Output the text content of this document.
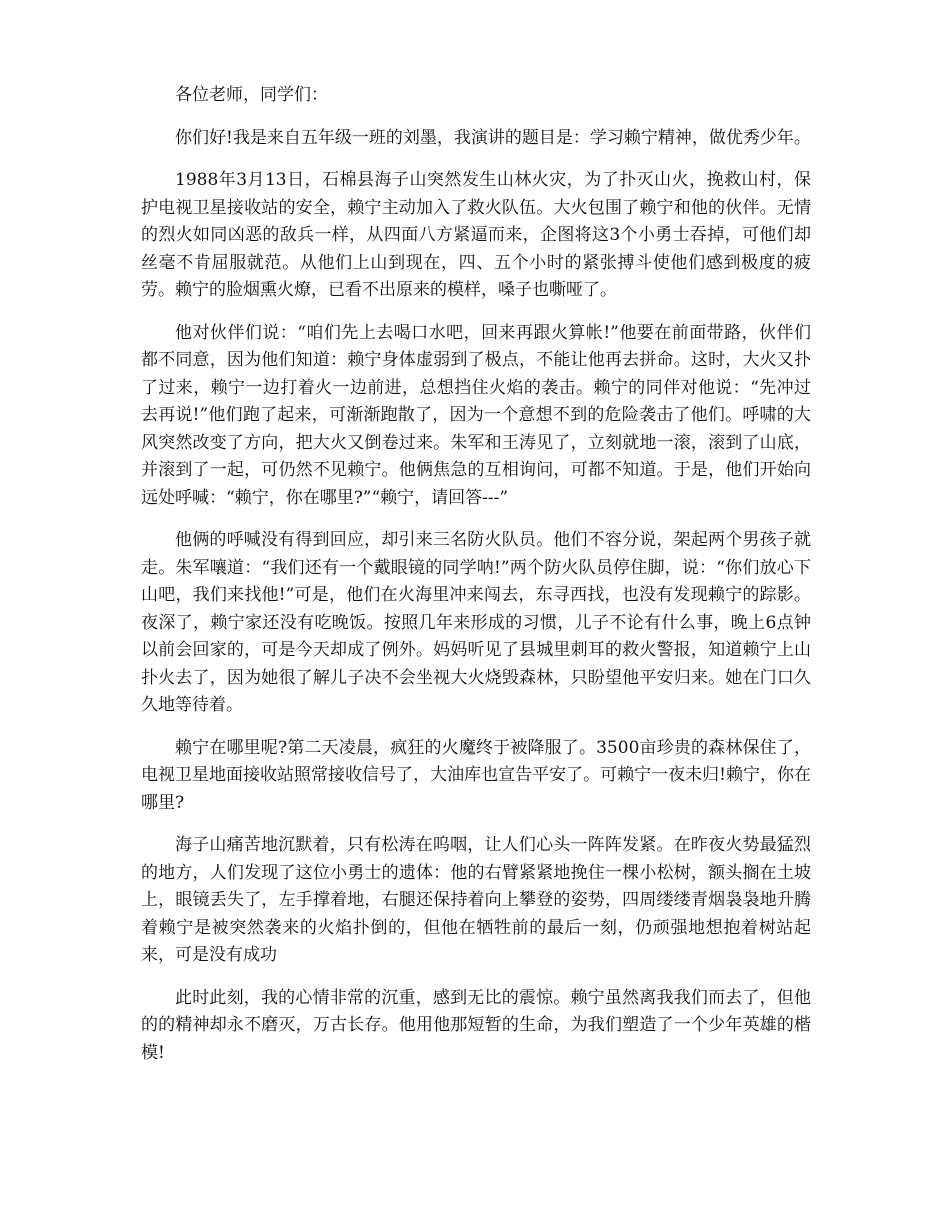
各位老师，同学们：

你们好!我是来自五年级一班的刘墨，我演讲的题目是：学习赖宁精神，做优秀少年。

1988年3月13日，石棉县海子山突然发生山林火灾，为了扑灭山火，挽救山村，保护电视卫星接收站的安全，赖宁主动加入了救火队伍。大火包围了赖宁和他的伙伴。无情的烈火如同凶恶的敌兵一样，从四面八方紧逼而来，企图将这3个小勇士吞掉，可他们却丝毫不肯屈服就范。从他们上山到现在，四、五个小时的紧张搏斗使他们感到极度的疲劳。赖宁的脸烟熏火燎，已看不出原来的模样，嗓子也嘶哑了。

他对伙伴们说：“咱们先上去喝口水吧，回来再跟火算帐!”他要在前面带路，伙伴们都不同意，因为他们知道：赖宁身体虚弱到了极点，不能让他再去拼命。这时，大火又扑了过来，赖宁一边打着火一边前进，总想挡住火焰的袭击。赖宁的同伴对他说：“先冲过去再说!”他们跑了起来，可渐渐跑散了，因为一个意想不到的危险袭击了他们。呼啸的大风突然改变了方向，把大火又倒卷过来。朱军和王涛见了，立刻就地一滚，滚到了山底，并滚到了一起，可仍然不见赖宁。他俩焦急的互相询问，可都不知道。于是，他们开始向远处呼喊：“赖宁，你在哪里?”“赖宁，请回答---”

他俩的呼喊没有得到回应，却引来三名防火队员。他们不容分说，架起两个男孩子就走。朱军嚷道：“我们还有一个戴眼镜的同学呐!”两个防火队员停住脚，说：“你们放心下山吧，我们来找他!”可是，他们在火海里冲来闯去，东寻西找，也没有发现赖宁的踪影。夜深了，赖宁家还没有吃晚饭。按照几年来形成的习惯，儿子不论有什么事，晚上6点钟以前会回家的，可是今天却成了例外。妈妈听见了县城里刺耳的救火警报，知道赖宁上山扑火去了，因为她很了解儿子决不会坐视大火烧毁森林，只盼望他平安归来。她在门口久久地等待着。

赖宁在哪里呢?第二天凌晨，疯狂的火魔终于被降服了。3500亩珍贵的森林保住了，电视卫星地面接收站照常接收信号了，大油库也宣告平安了。可赖宁一夜未归!赖宁，你在哪里?

海子山痛苦地沉默着，只有松涛在呜咽，让人们心头一阵阵发紧。在昨夜火势最猛烈的地方，人们发现了这位小勇士的遗体：他的右臂紧紧地挽住一棵小松树，额头搁在土坡上，眼镜丢失了，左手撑着地，右腿还保持着向上攀登的姿势，四周缕缕青烟袅袅地升腾着赖宁是被突然袭来的火焰扑倒的，但他在牺牲前的最后一刻，仍顽强地想抱着树站起来，可是没有成功

此时此刻，我的心情非常的沉重，感到无比的震惊。赖宁虽然离我我们而去了，但他的的精神却永不磨灭，万古长存。他用他那短暂的生命，为我们塑造了一个少年英雄的楷模!
